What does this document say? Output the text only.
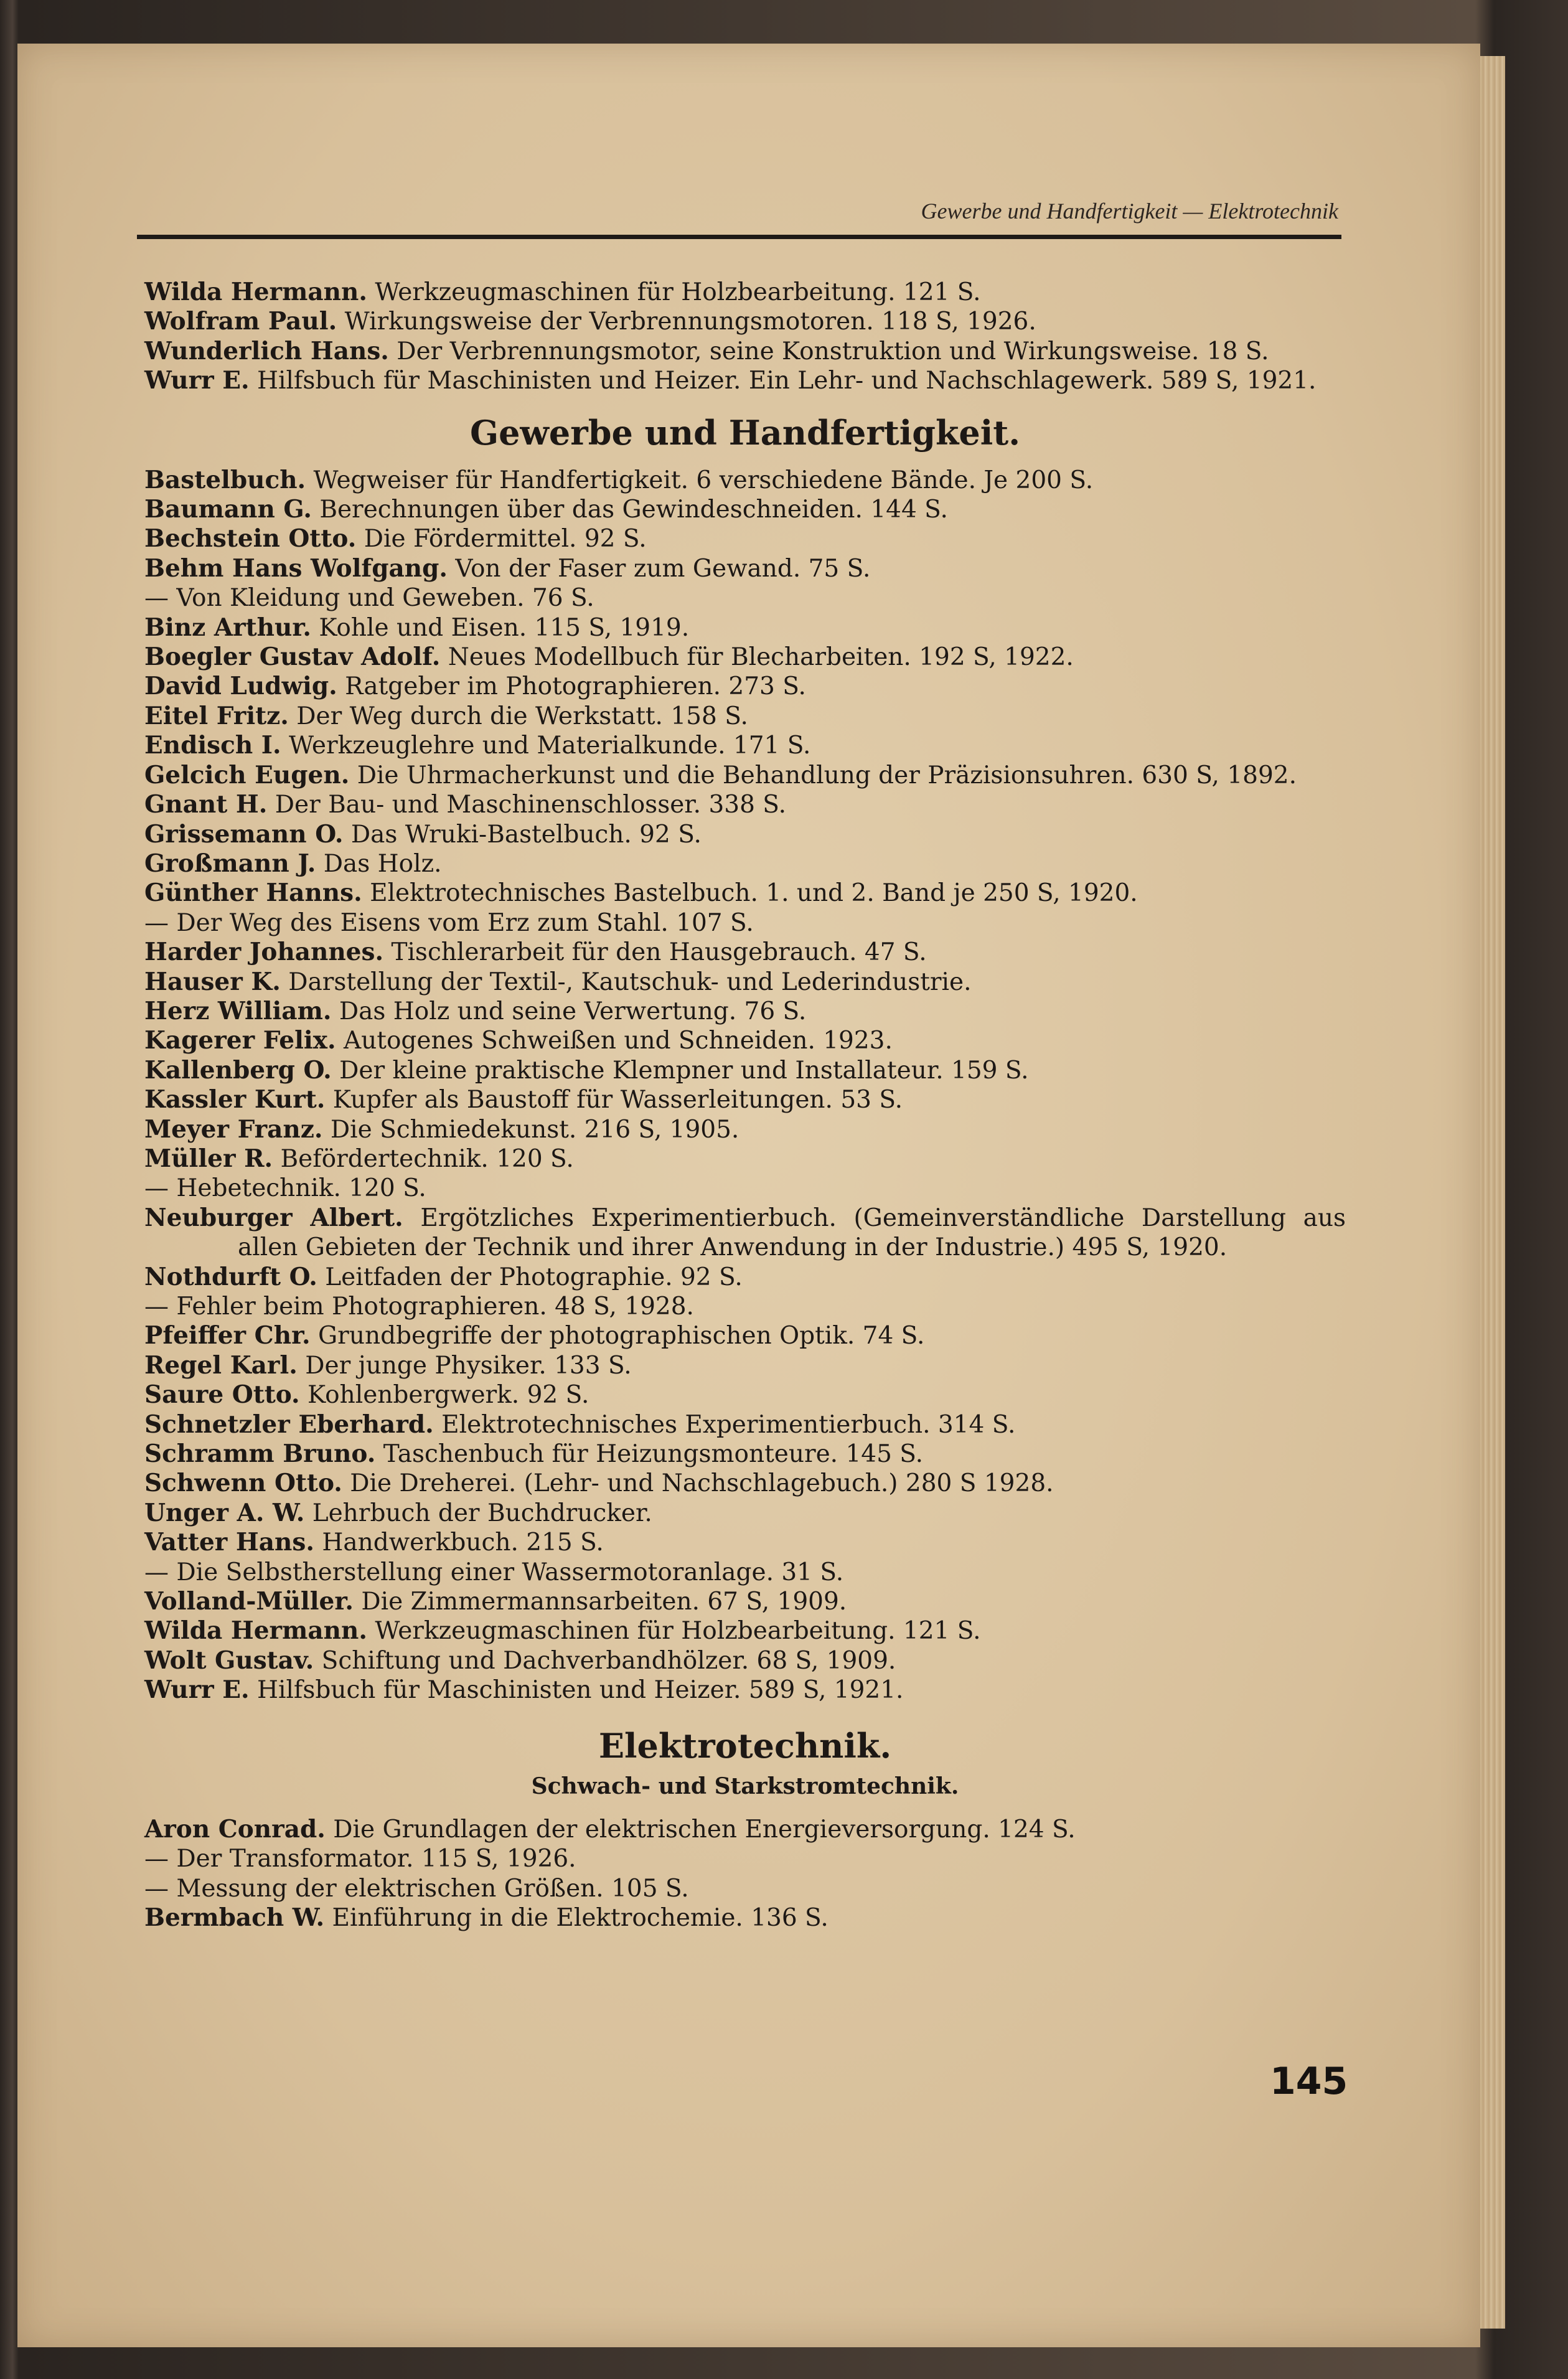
Gewerbe und Handfertigkeit — Elektrotechnik
Wilda Hermann. Werkzeugmaschinen für Holzbearbeitung. 121 S.
Wolfram Paul. Wirkungsweise der Verbrennungsmotoren. 118 S, 1926.
Wunderlich Hans. Der Verbrennungsmotor, seine Konstruktion und Wirkungsweise. 18 S.
Wurr E. Hilfsbuch für Maschinisten und Heizer. Ein Lehr- und Nachschlagewerk. 589 S, 1921.
Gewerbe und Handfertigkeit.
Bastelbuch. Wegweiser für Handfertigkeit. 6 verschiedene Bände. Je 200 S.
Baumann G. Berechnungen über das Gewindeschneiden. 144 S.
Bechstein Otto. Die Fördermittel. 92 S.
Behm Hans Wolfgang. Von der Faser zum Gewand. 75 S.
— Von Kleidung und Geweben. 76 S.
Binz Arthur. Kohle und Eisen. 115 S, 1919.
Boegler Gustav Adolf. Neues Modellbuch für Blecharbeiten. 192 S, 1922.
David Ludwig. Ratgeber im Photographieren. 273 S.
Eitel Fritz. Der Weg durch die Werkstatt. 158 S.
Endisch I. Werkzeuglehre und Materialkunde. 171 S.
Gelcich Eugen. Die Uhrmacherkunst und die Behandlung der Präzisionsuhren. 630 S, 1892.
Gnant H. Der Bau- und Maschinenschlosser. 338 S.
Grissemann O. Das Wruki-Bastelbuch. 92 S.
Großmann J. Das Holz.
Günther Hanns. Elektrotechnisches Bastelbuch. 1. und 2. Band je 250 S, 1920.
— Der Weg des Eisens vom Erz zum Stahl. 107 S.
Harder Johannes. Tischlerarbeit für den Hausgebrauch. 47 S.
Hauser K. Darstellung der Textil-, Kautschuk- und Lederindustrie.
Herz William. Das Holz und seine Verwertung. 76 S.
Kagerer Felix. Autogenes Schweißen und Schneiden. 1923.
Kallenberg O. Der kleine praktische Klempner und Installateur. 159 S.
Kassler Kurt. Kupfer als Baustoff für Wasserleitungen. 53 S.
Meyer Franz. Die Schmiedekunst. 216 S, 1905.
Müller R. Befördertechnik. 120 S.
— Hebetechnik. 120 S.
Neuburger Albert. Ergötzliches Experimentierbuch. (Gemeinverständliche Darstellung aus allen Gebieten der Technik und ihrer Anwendung in der Industrie.) 495 S, 1920.
Nothdurft O. Leitfaden der Photographie. 92 S.
— Fehler beim Photographieren. 48 S, 1928.
Pfeiffer Chr. Grundbegriffe der photographischen Optik. 74 S.
Regel Karl. Der junge Physiker. 133 S.
Saure Otto. Kohlenbergwerk. 92 S.
Schnetzler Eberhard. Elektrotechnisches Experimentierbuch. 314 S.
Schramm Bruno. Taschenbuch für Heizungsmonteure. 145 S.
Schwenn Otto. Die Dreherei. (Lehr- und Nachschlagebuch.) 280 S 1928.
Unger A. W. Lehrbuch der Buchdrucker.
Vatter Hans. Handwerkbuch. 215 S.
— Die Selbstherstellung einer Wassermotoranlage. 31 S.
Volland-Müller. Die Zimmermannsarbeiten. 67 S, 1909.
Wilda Hermann. Werkzeugmaschinen für Holzbearbeitung. 121 S.
Wolt Gustav. Schiftung und Dachverbandhölzer. 68 S, 1909.
Wurr E. Hilfsbuch für Maschinisten und Heizer. 589 S, 1921.
Elektrotechnik.
Schwach- und Starkstromtechnik.
Aron Conrad. Die Grundlagen der elektrischen Energieversorgung. 124 S.
— Der Transformator. 115 S, 1926.
— Messung der elektrischen Größen. 105 S.
Bermbach W. Einführung in die Elektrochemie. 136 S.
145
